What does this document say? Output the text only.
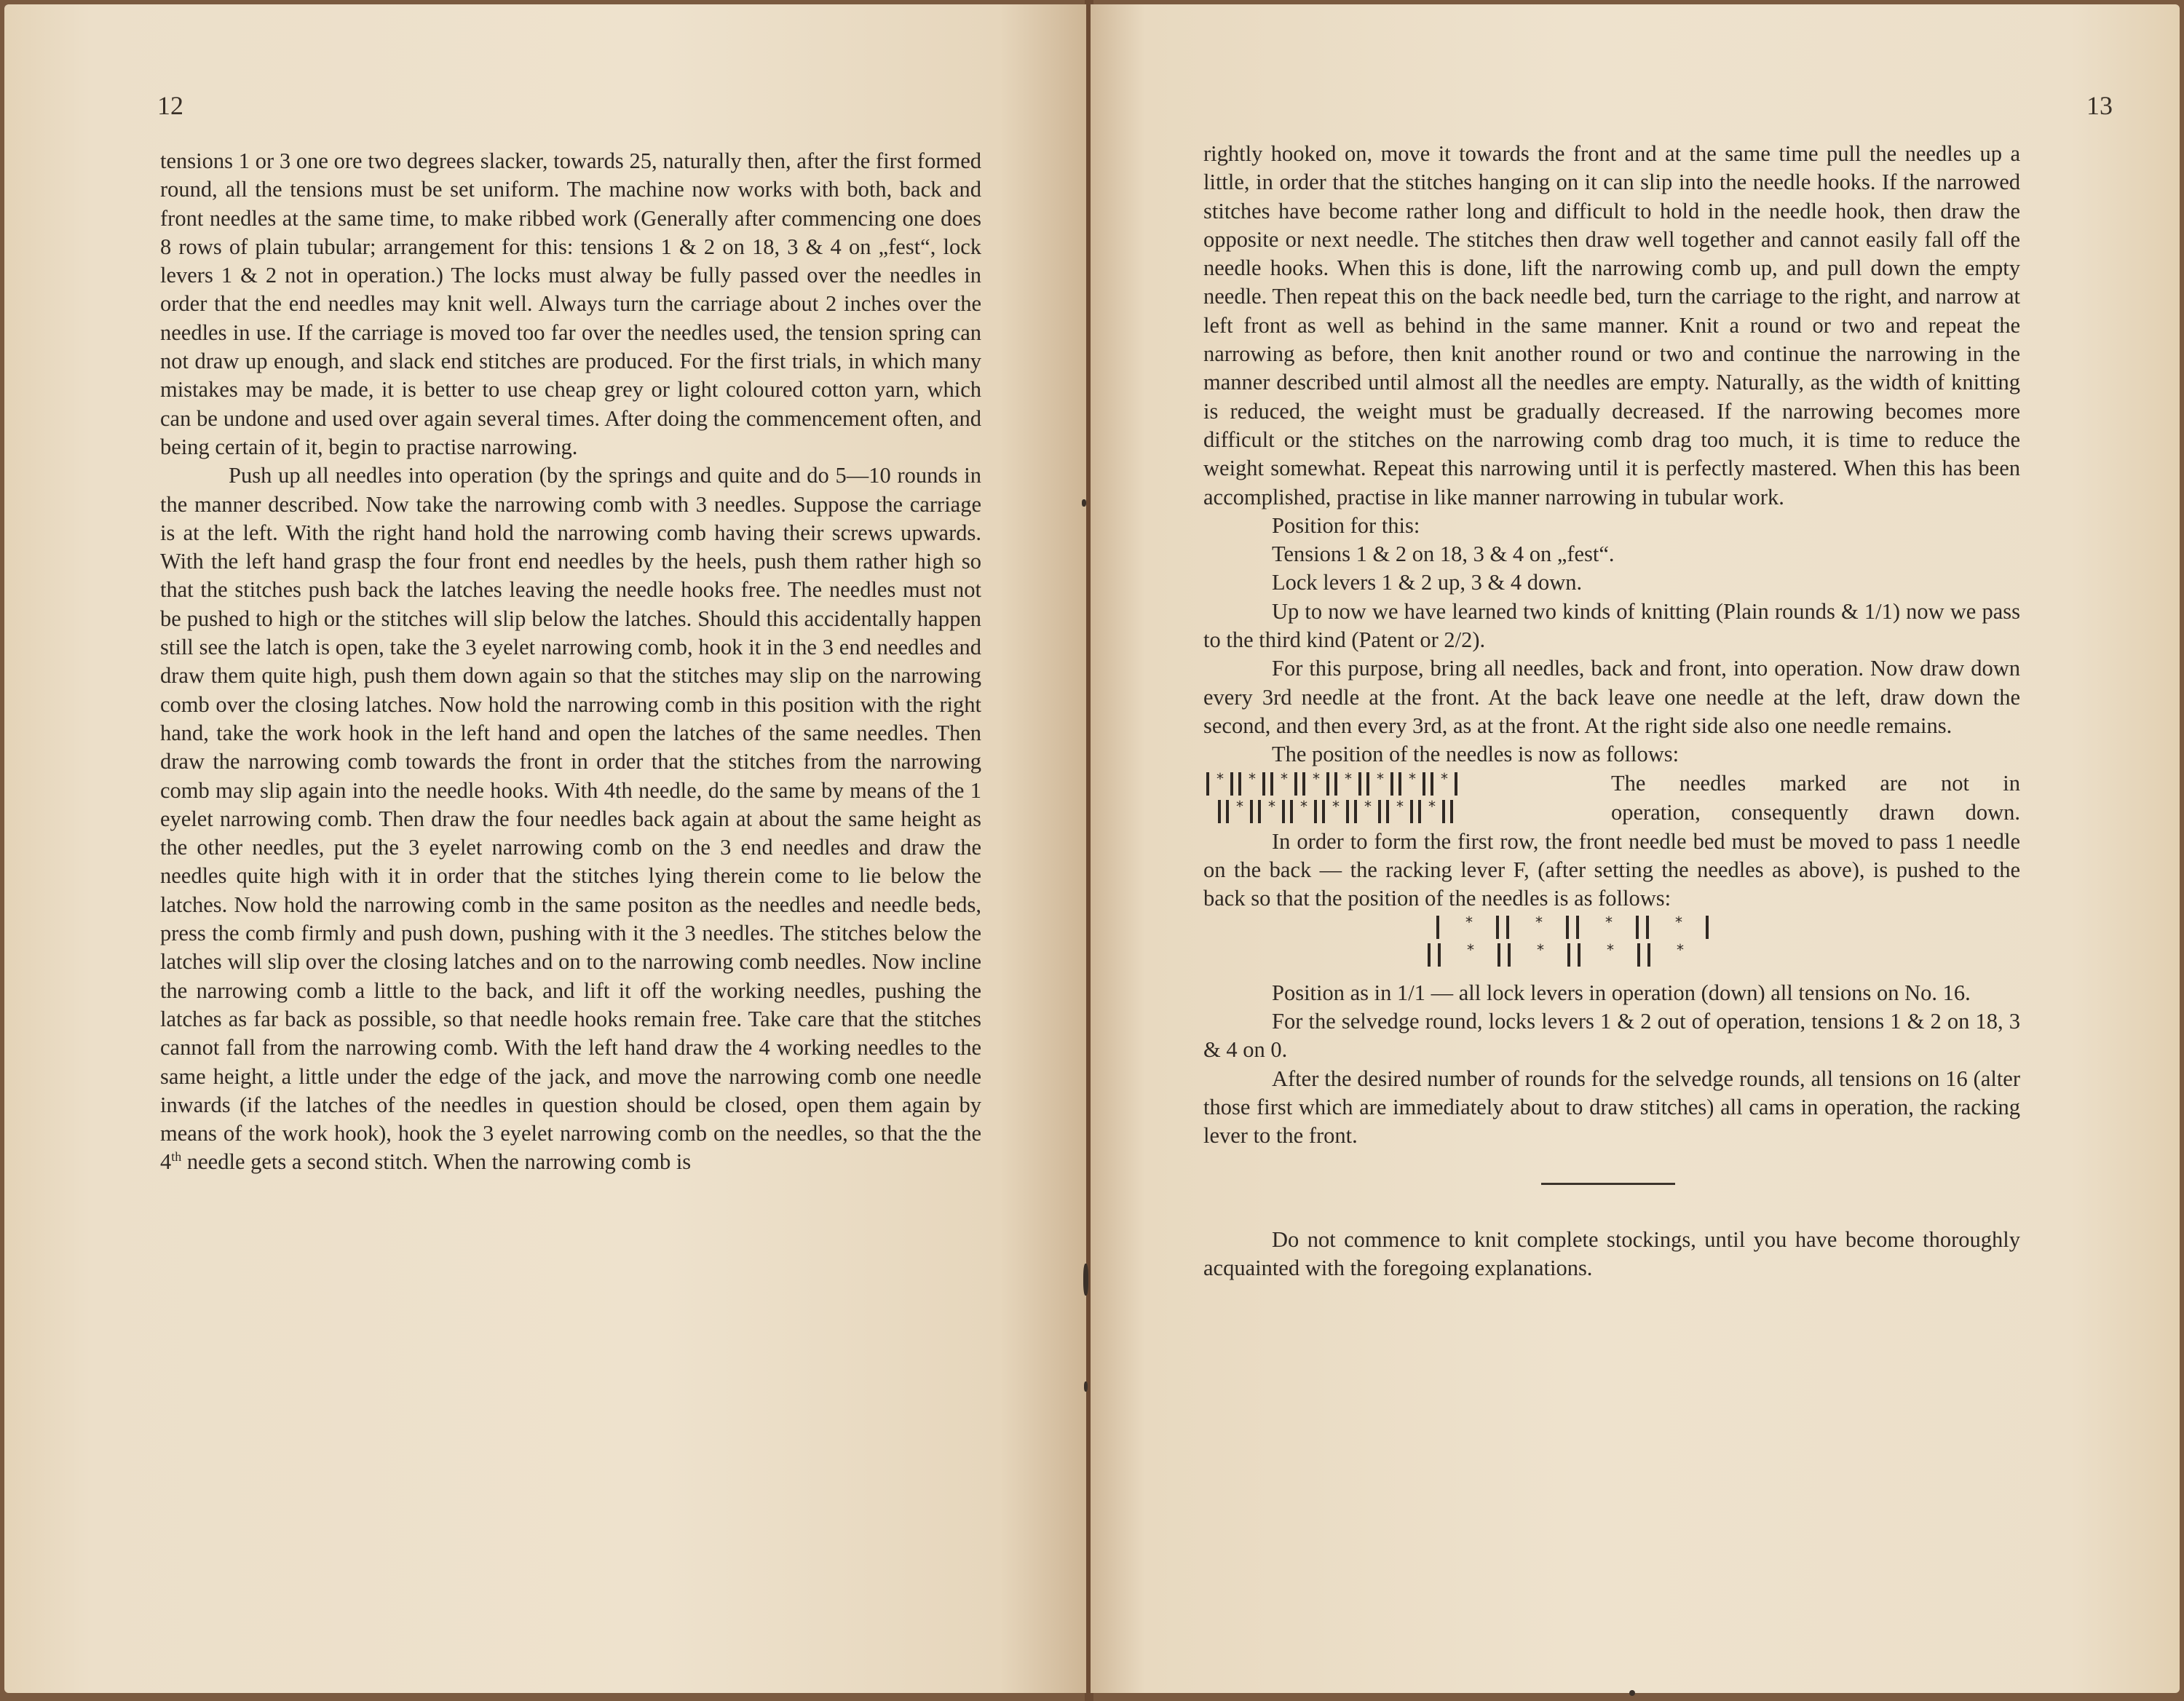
12

tensions 1 or 3 one ore two degrees slacker, towards 25, naturally then, after the first formed round, all the tensions must be set uniform. The machine now works with both, back and front needles at the same time, to make ribbed work (Generally after commencing one does 8 rows of plain tubular; arrangement for this: tensions 1 & 2 on 18, 3 & 4 on „fest“, lock levers 1 & 2 not in operation.) The locks must alway be fully passed over the needles in order that the end needles may knit well. Always turn the carriage about 2 inches over the needles in use. If the carriage is moved too far over the needles used, the tension spring can not draw up enough, and slack end stitches are produced. For the first trials, in which many mistakes may be made, it is better to use cheap grey or light coloured cotton yarn, which can be undone and used over again several times. After doing the commencement often, and being certain of it, begin to practise narrowing.

Push up all needles into operation (by the springs and quite and do 5—10 rounds in the manner described. Now take the narrowing comb with 3 needles. Suppose the carriage is at the left. With the right hand hold the narrowing comb having their screws upwards. With the left hand grasp the four front end needles by the heels, push them rather high so that the stitches push back the latches leaving the needle hooks free. The needles must not be pushed to high or the stitches will slip below the latches. Should this accidentally happen still see the latch is open, take the 3 eyelet narrowing comb, hook it in the 3 end needles and draw them quite high, push them down again so that the stitches may slip on the narrowing comb over the closing latches. Now hold the narrowing comb in this position with the right hand, take the work hook in the left hand and open the latches of the same needles. Then draw the narrowing comb towards the front in order that the stitches from the narrowing comb may slip again into the needle hooks. With 4th needle, do the same by means of the 1 eyelet narrowing comb. Then draw the four needles back again at about the same height as the other needles, put the 3 eyelet narrowing comb on the 3 end needles and draw the needles quite high with it in order that the stitches lying therein come to lie below the latches. Now hold the narrowing comb in the same positon as the needles and needle beds, press the comb firmly and push down, pushing with it the 3 needles. The stitches below the latches will slip over the closing latches and on to the narrowing comb needles. Now incline the narrowing comb a little to the back, and lift it off the working needles, pushing the latches as far back as possible, so that needle hooks remain free. Take care that the stitches cannot fall from the narrowing comb. With the left hand draw the 4 working needles to the same height, a little under the edge of the jack, and move the narrowing comb one needle inwards (if the latches of the needles in question should be closed, open them again by means of the work hook), hook the 3 eyelet narrowing comb on the needles, so that the the 4th needle gets a second stitch. When the narrowing comb is

13

rightly hooked on, move it towards the front and at the same time pull the needles up a little, in order that the stitches hanging on it can slip into the needle hooks. If the narrowed stitches have become rather long and difficult to hold in the needle hook, then draw the opposite or next needle. The stitches then draw well together and cannot easily fall off the needle hooks. When this is done, lift the narrowing comb up, and pull down the empty needle. Then repeat this on the back needle bed, turn the carriage to the right, and narrow at left front as well as behind in the same manner. Knit a round or two and repeat the narrowing as before, then knit another round or two and continue the narrowing in the manner described until almost all the needles are empty. Naturally, as the width of knitting is reduced, the weight must be gradually decreased. If the narrowing becomes more difficult or the stitches on the narrowing comb drag too much, it is time to reduce the weight somewhat. Repeat this narrowing until it is perfectly mastered. When this has been accomplished, practise in like manner narrowing in tubular work.

Position for this:

Tensions 1 & 2 on 18, 3 & 4 on „fest“.

Lock levers 1 & 2 up, 3 & 4 down.

Up to now we have learned two kinds of knitting (Plain rounds & 1/1) now we pass to the third kind (Patent or 2/2).

For this purpose, bring all needles, back and front, into operation. Now draw down every 3rd needle at the front. At the back leave one needle at the left, draw down the second, and then every 3rd, as at the front. At the right side also one needle remains.

The position of the needles is now as follows:

* * * * * * * *
* * * * * * *
The needles marked are not in
operation, consequently drawn down.

In order to form the first row, the front needle bed must be moved to pass 1 needle on the back — the racking lever F, (after setting the needles as above), is pushed to the back so that the position of the needles is as follows:

*	*	*	*
*	*	*	*

Position as in 1/1 — all lock levers in operation (down) all tensions on No. 16.

For the selvedge round, locks levers 1 & 2 out of operation, tensions 1 & 2 on 18, 3 & 4 on 0.

After the desired number of rounds for the selvedge rounds, all tensions on 16 (alter those first which are immediately about to draw stitches) all cams in operation, the racking lever to the front.

Do not commence to knit complete stockings, until you have become thoroughly acquainted with the foregoing explanations.
